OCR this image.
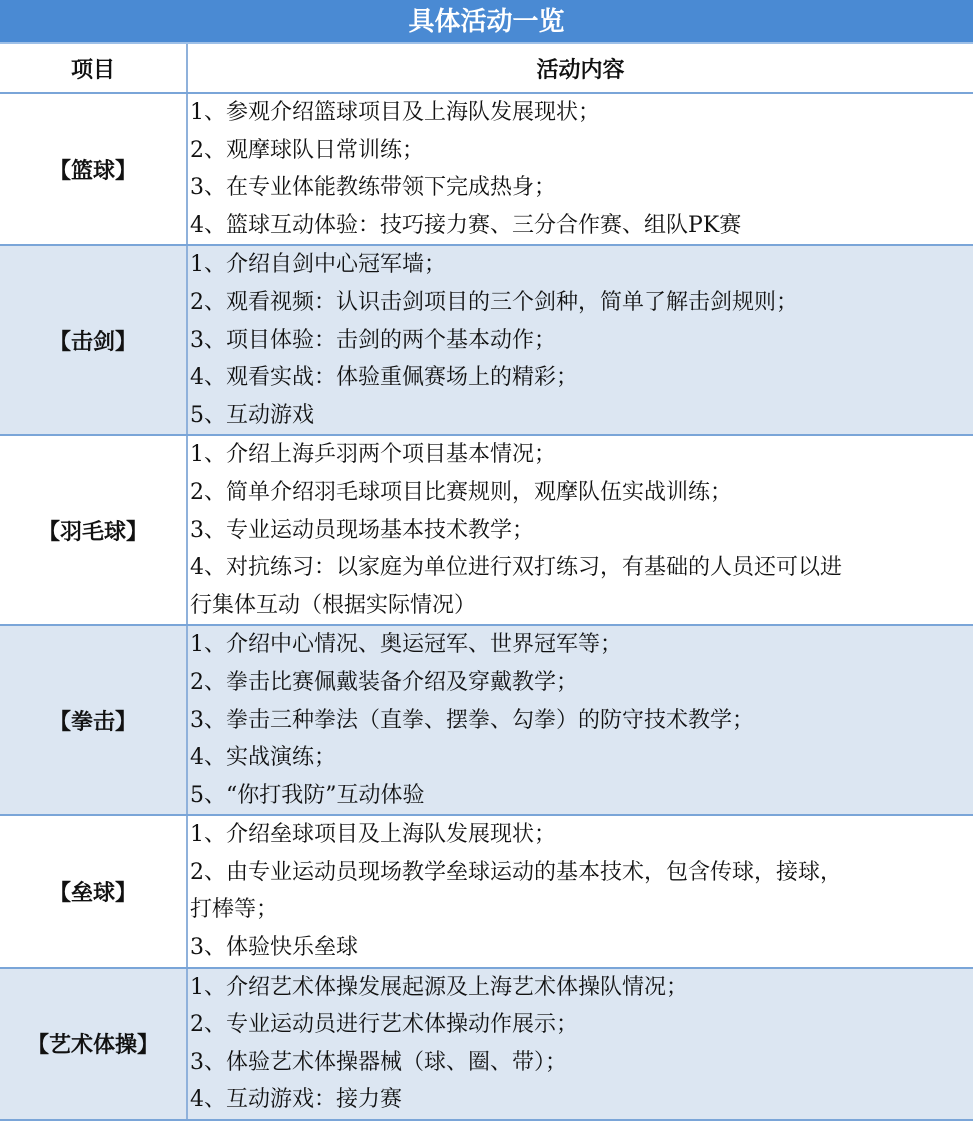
具体活动一览
项目	活动内容
【篮球】
1、参观介绍篮球项目及上海队发展现状；
2、观摩球队日常训练；
3、在专业体能教练带领下完成热身；
4、篮球互动体验：技巧接力赛、三分合作赛、组队PK赛
【击剑】
1、介绍自剑中心冠军墙；
2、观看视频：认识击剑项目的三个剑种，简单了解击剑规则；
3、项目体验：击剑的两个基本动作；
4、观看实战：体验重佩赛场上的精彩；
5、互动游戏
【羽毛球】
1、介绍上海乒羽两个项目基本情况；
2、简单介绍羽毛球项目比赛规则，观摩队伍实战训练；
3、专业运动员现场基本技术教学；
4、对抗练习：以家庭为单位进行双打练习，有基础的人员还可以进
行集体互动（根据实际情况）
【拳击】
1、介绍中心情况、奥运冠军、世界冠军等；
2、拳击比赛佩戴装备介绍及穿戴教学；
3、拳击三种拳法（直拳、摆拳、勾拳）的防守技术教学；
4、实战演练；
5、“你打我防”互动体验
【垒球】
1、介绍垒球项目及上海队发展现状；
2、由专业运动员现场教学垒球运动的基本技术，包含传球，接球，
打棒等；
3、体验快乐垒球
【艺术体操】
1、介绍艺术体操发展起源及上海艺术体操队情况；
2、专业运动员进行艺术体操动作展示；
3、体验艺术体操器械（球、圈、带）；
4、互动游戏：接力赛
